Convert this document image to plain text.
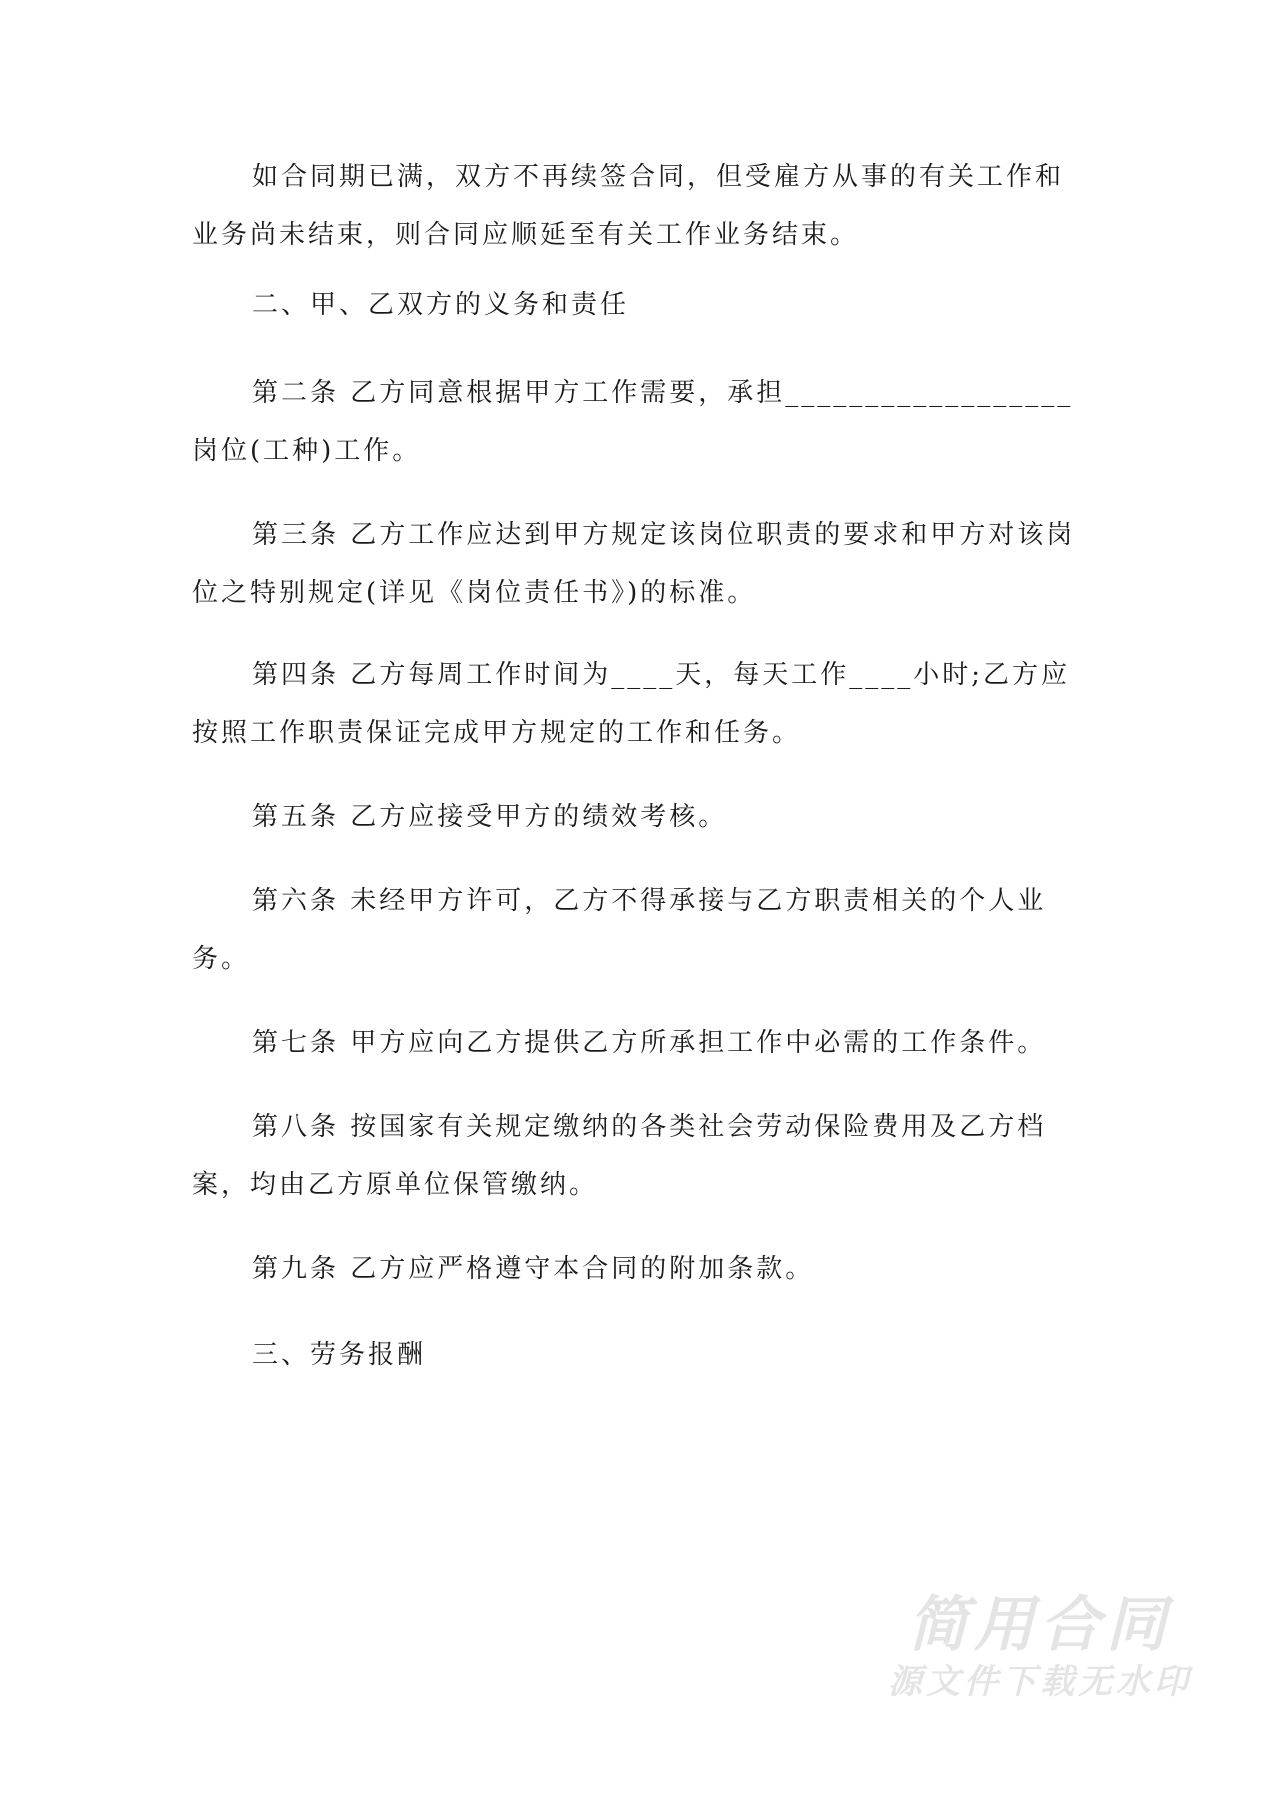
如合同期已满，双方不再续签合同，但受雇方从事的有关工作和业务尚未结束，则合同应顺延至有关工作业务结束。

二、甲、乙双方的义务和责任

第二条 乙方同意根据甲方工作需要，承担__________________岗位(工种)工作。

第三条 乙方工作应达到甲方规定该岗位职责的要求和甲方对该岗位之特别规定(详见《岗位责任书》)的标准。

第四条 乙方每周工作时间为____天，每天工作____小时;乙方应按照工作职责保证完成甲方规定的工作和任务。

第五条 乙方应接受甲方的绩效考核。

第六条 未经甲方许可，乙方不得承接与乙方职责相关的个人业务。

第七条 甲方应向乙方提供乙方所承担工作中必需的工作条件。

第八条 按国家有关规定缴纳的各类社会劳动保险费用及乙方档案，均由乙方原单位保管缴纳。

第九条 乙方应严格遵守本合同的附加条款。

三、劳务报酬

简用合同
源文件下载无水印
